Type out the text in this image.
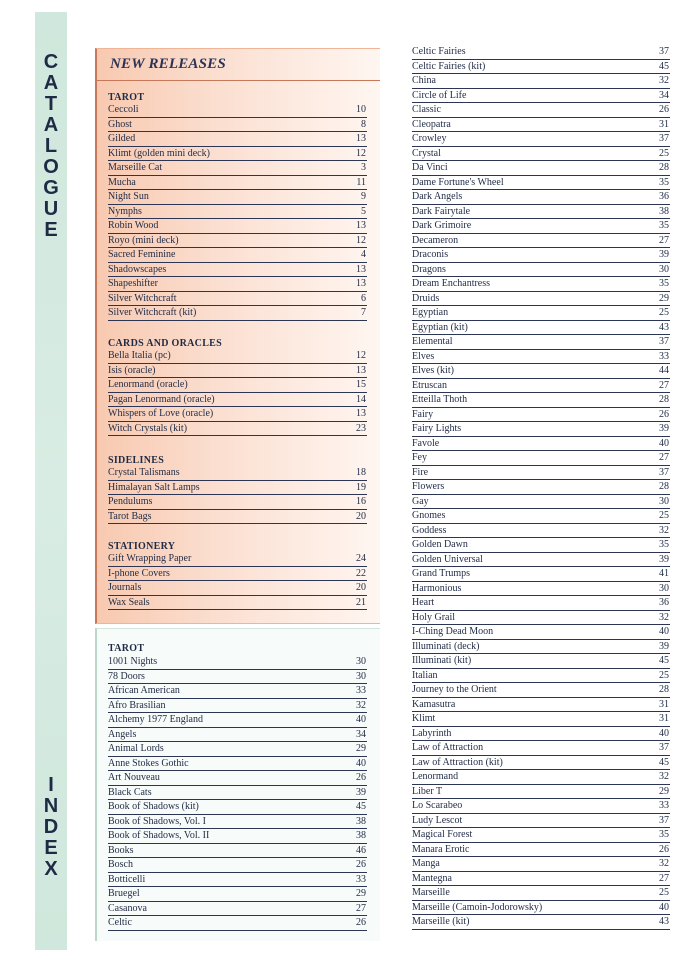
C
A
T
A
L
O
G
U
E
I
N
D
E
X
NEW RELEASES
TAROT
Ceccoli	10
Ghost	8
Gilded	13
Klimt (golden mini deck)	12
Marseille Cat	3
Mucha	11
Night Sun	9
Nymphs	5
Robin Wood	13
Royo (mini deck)	12
Sacred Feminine	4
Shadowscapes	13
Shapeshifter	13
Silver Witchcraft	6
Silver Witchcraft (kit)	7
CARDS AND ORACLES
Bella Italia (pc)	12
Isis (oracle)	13
Lenormand (oracle)	15
Pagan Lenormand (oracle)	14
Whispers of Love (oracle)	13
Witch Crystals (kit)	23
SIDELINES
Crystal Talismans	18
Himalayan Salt Lamps	19
Pendulums	16
Tarot Bags	20
STATIONERY
Gift Wrapping Paper	24
I-phone Covers	22
Journals	20
Wax Seals	21
TAROT
1001 Nights	30
78 Doors	30
African American	33
Afro Brasilian	32
Alchemy 1977 England	40
Angels	34
Animal Lords	29
Anne Stokes Gothic	40
Art Nouveau	26
Black Cats	39
Book of Shadows (kit)	45
Book of Shadows, Vol. I	38
Book of Shadows, Vol. II	38
Books	46
Bosch	26
Botticelli	33
Bruegel	29
Casanova	27
Celtic	26
Celtic Fairies	37
Celtic Fairies (kit)	45
China	32
Circle of Life	34
Classic	26
Cleopatra	31
Crowley	37
Crystal	25
Da Vinci	28
Dame Fortune's Wheel	35
Dark Angels	36
Dark Fairytale	38
Dark Grimoire	35
Decameron	27
Draconis	39
Dragons	30
Dream Enchantress	35
Druids	29
Egyptian	25
Egyptian (kit)	43
Elemental	37
Elves	33
Elves (kit)	44
Etruscan	27
Etteilla Thoth	28
Fairy	26
Fairy Lights	39
Favole	40
Fey	27
Fire	37
Flowers	28
Gay	30
Gnomes	25
Goddess	32
Golden Dawn	35
Golden Universal	39
Grand Trumps	41
Harmonious	30
Heart	36
Holy Grail	32
I-Ching Dead Moon	40
Illuminati (deck)	39
Illuminati (kit)	45
Italian	25
Journey to the Orient	28
Kamasutra	31
Klimt	31
Labyrinth	40
Law of Attraction	37
Law of Attraction (kit)	45
Lenormand	32
Liber T	29
Lo Scarabeo	33
Ludy Lescot	37
Magical Forest	35
Manara Erotic	26
Manga	32
Mantegna	27
Marseille	25
Marseille (Camoin-Jodorowsky)	40
Marseille (kit)	43
